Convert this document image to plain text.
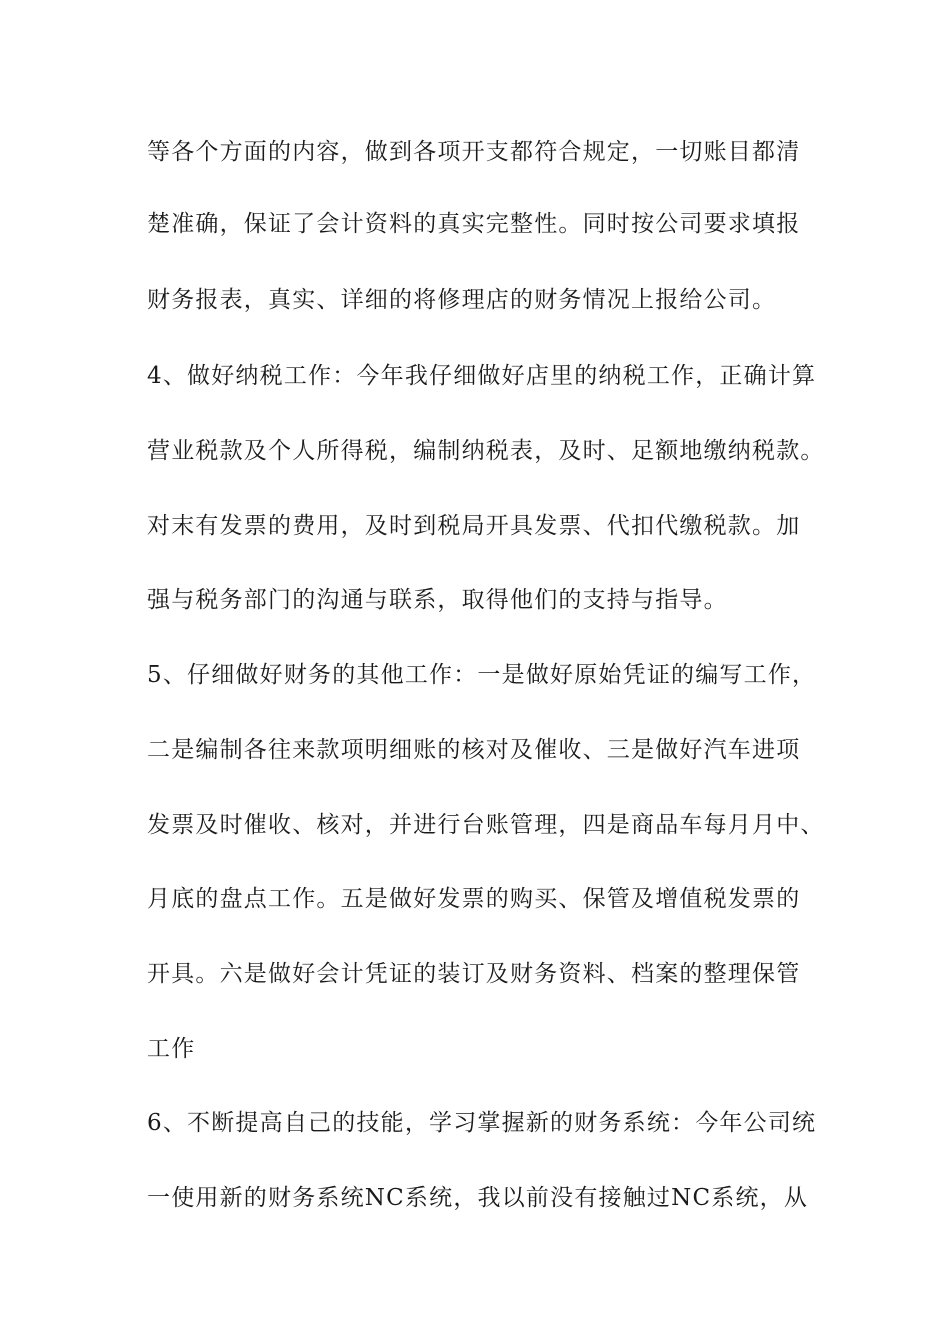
等各个方面的内容，做到各项开支都符合规定，一切账目都清
楚准确，保证了会计资料的真实完整性。同时按公司要求填报
财务报表，真实、详细的将修理店的财务情况上报给公司。
4、做好纳税工作：今年我仔细做好店里的纳税工作，正确计算
营业税款及个人所得税，编制纳税表，及时、足额地缴纳税款。
对末有发票的费用，及时到税局开具发票、代扣代缴税款。加
强与税务部门的沟通与联系，取得他们的支持与指导。
5、仔细做好财务的其他工作：一是做好原始凭证的编写工作，
二是编制各往来款项明细账的核对及催收、三是做好汽车进项
发票及时催收、核对，并进行台账管理，四是商品车每月月中、
月底的盘点工作。五是做好发票的购买、保管及增值税发票的
开具。六是做好会计凭证的装订及财务资料、档案的整理保管
工作
6、不断提高自己的技能，学习掌握新的财务系统：今年公司统
一使用新的财务系统NC系统，我以前没有接触过NC系统，从
